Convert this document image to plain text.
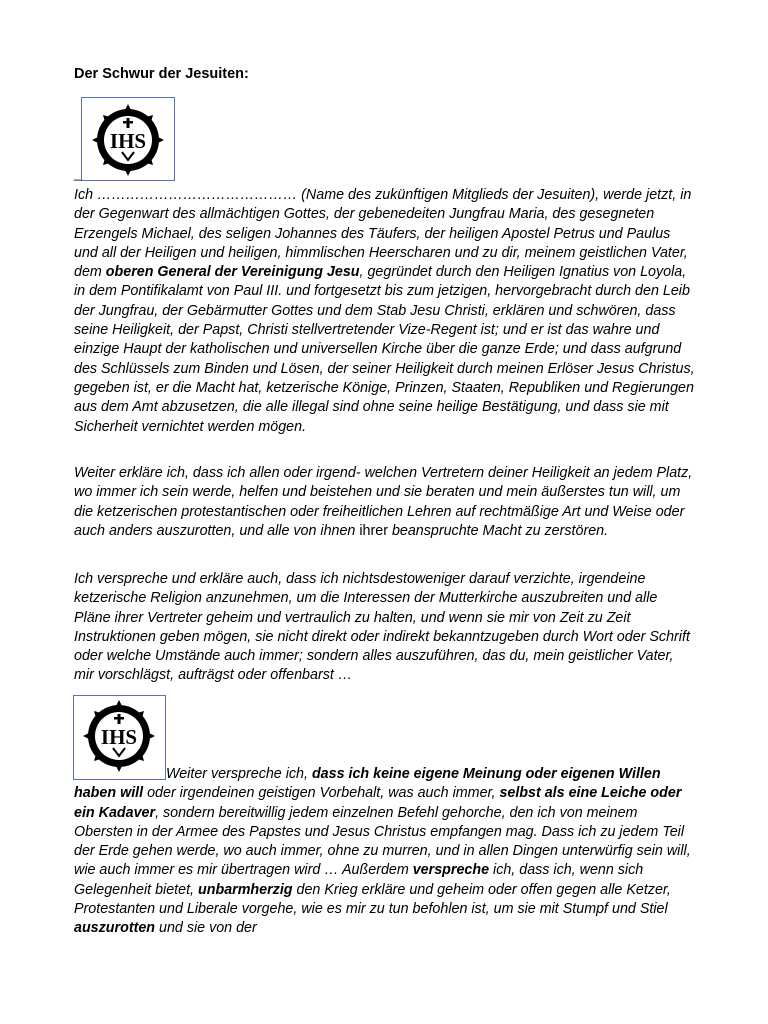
Der Schwur der Jesuiten:
IHS
_

Ich …………………………………… (Name des zukünftigen Mitglieds der Jesuiten), werde jetzt, in der Gegenwart des allmächtigen Gottes, der gebenedeiten Jungfrau Maria, des gesegneten Erzengels Michael, des seligen Johannes des Täufers, der heiligen Apostel Petrus und Paulus und all der Heiligen und heiligen, himmlischen Heerscharen und zu dir, meinem geistlichen Vater, dem oberen General der Vereinigung Jesu, gegründet durch den Heiligen Ignatius von Loyola, in dem Pontifikalamt von Paul III. und fortgesetzt bis zum jetzigen, hervorgebracht durch den Leib der Jungfrau, der Gebärmutter Gottes und dem Stab Jesu Christi, erklären und schwören, dass seine Heiligkeit, der Papst, Christi stellvertretender Vize-Regent ist; und er ist das wahre und einzige Haupt der katholischen und universellen Kirche über die ganze Erde; und dass aufgrund des Schlüssels zum Binden und Lösen, der seiner Heiligkeit durch meinen Erlöser Jesus Christus, gegeben ist, er die Macht hat, ketzerische Könige, Prinzen, Staaten, Republiken und Regierungen aus dem Amt abzusetzen, die alle illegal sind ohne seine heilige Bestätigung, und dass sie mit Sicherheit vernichtet werden mögen.

Weiter erkläre ich, dass ich allen oder irgend- welchen Vertretern deiner Heiligkeit an jedem Platz, wo immer ich sein werde, helfen und beistehen und sie beraten und mein äußerstes tun will, um die ketzerischen protestantischen oder freiheitlichen Lehren auf rechtmäßige Art und Weise oder auch anders auszurotten, und alle von ihnen ihrer beanspruchte Macht zu zerstören.

Ich verspreche und erkläre auch, dass ich nichtsdestoweniger darauf verzichte, irgendeine ketzerische Religion anzunehmen, um die Interessen der Mutterkirche auszubreiten und alle Pläne ihrer Vertreter geheim und vertraulich zu halten, und wenn sie mir von Zeit zu Zeit Instruktionen geben mögen, sie nicht direkt oder indirekt bekanntzugeben durch Wort oder Schrift oder welche Umstände auch immer; sondern alles auszuführen, das du, mein geistlicher Vater, mir vorschlägst, aufträgst oder offenbarst …

IHS

Weiter verspreche ich, dass ich keine eigene Meinung oder eigenen Willen haben will oder irgendeinen geistigen Vorbehalt, was auch immer, selbst als eine Leiche oder ein Kadaver, sondern bereitwillig jedem einzelnen Befehl gehorche, den ich von meinem Obersten in der Armee des Papstes und Jesus Christus empfangen mag. Dass ich zu jedem Teil der Erde gehen werde, wo auch immer, ohne zu murren, und in allen Dingen unterwürfig sein will, wie auch immer es mir übertragen wird … Außerdem verspreche ich, dass ich, wenn sich Gelegenheit bietet, unbarmherzig den Krieg erkläre und geheim oder offen gegen alle Ketzer, Protestanten und Liberale vorgehe, wie es mir zu tun befohlen ist, um sie mit Stumpf und Stiel auszurotten und sie von der
